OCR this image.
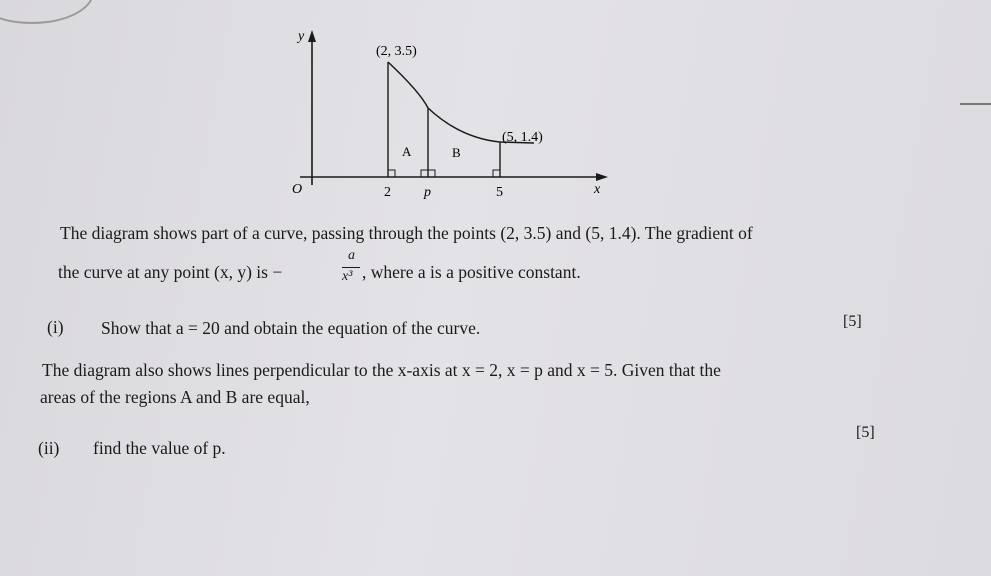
y
x
O
(2, 3.5)
(5, 1.4)
A	B
2 p	5
The diagram shows part of a curve, passing through the points (2, 3.5) and (5, 1.4). The gradient of
the curve at any point (x, y) is −
a
x³ , where a is a positive constant.
(i) Show that a = 20 and obtain the equation of the curve.	[5]
The diagram also shows lines perpendicular to the x-axis at x = 2, x = p and x = 5. Given that the
areas of the regions A and B are equal,
(ii) find the value of p.
[5]
